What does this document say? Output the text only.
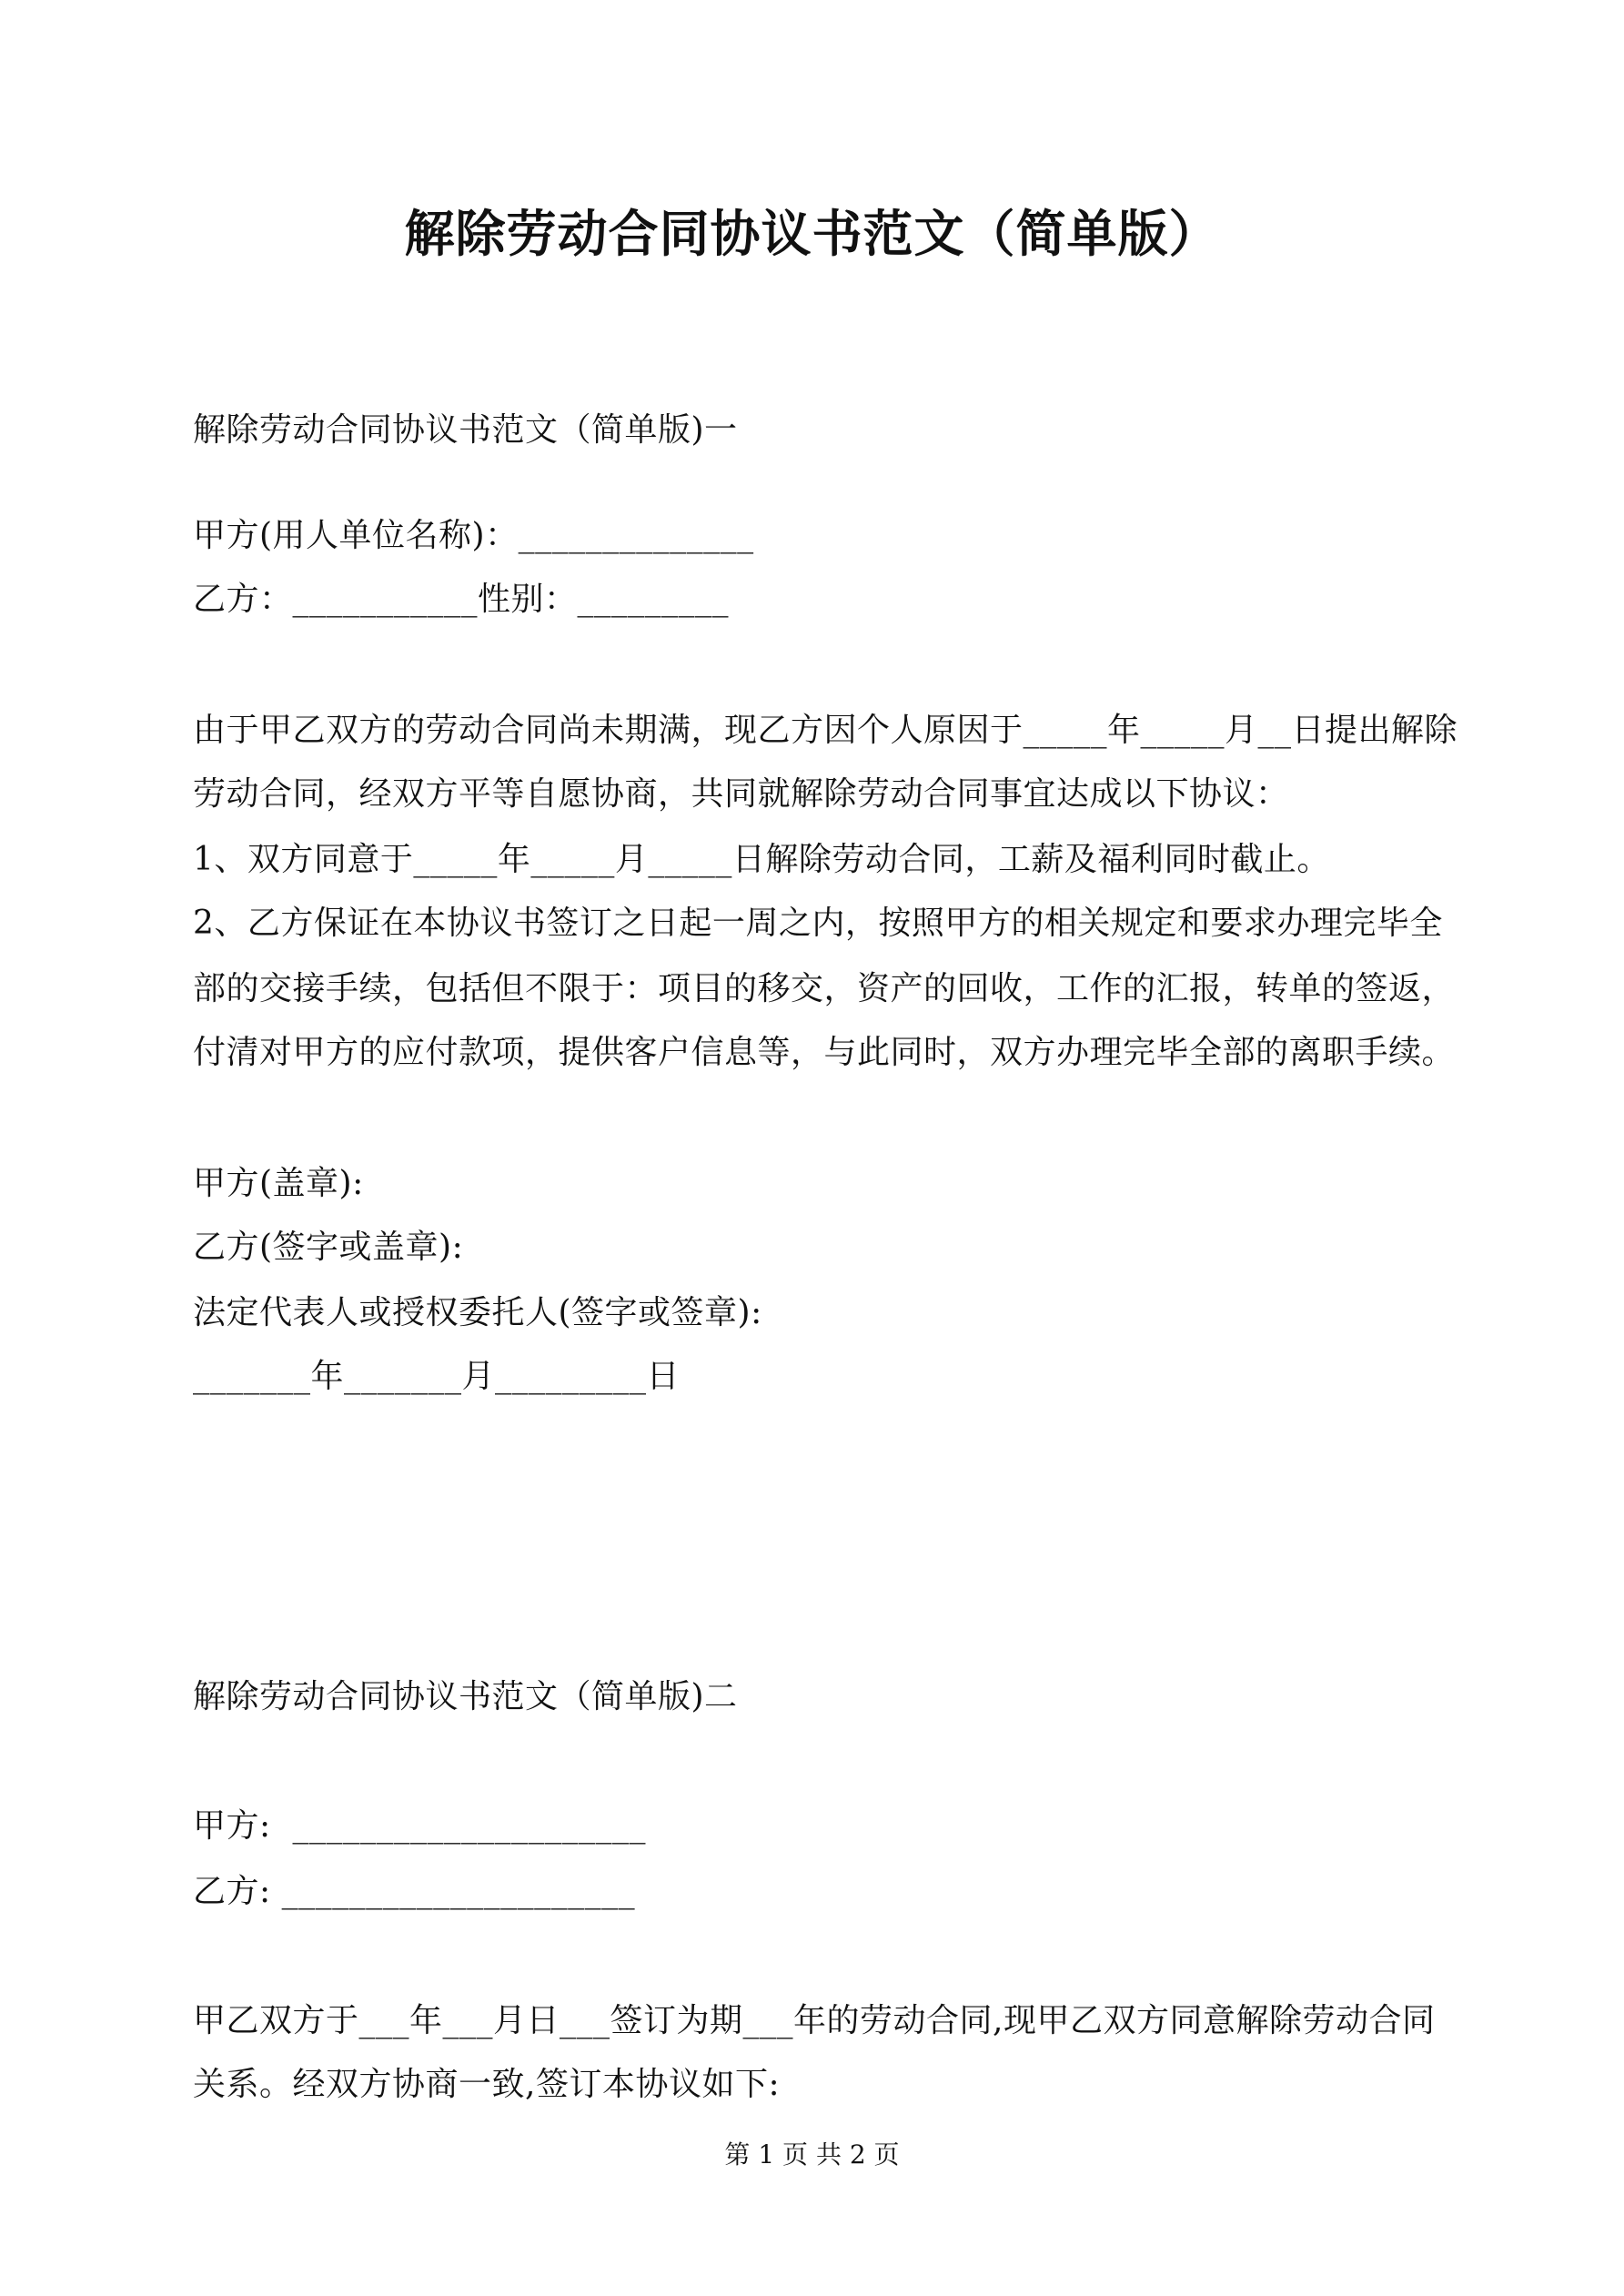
解除劳动合同协议书范文（简单版）
解除劳动合同协议书范文（简单版)一
甲方(用人单位名称)：______________
乙方：___________性别：_________
由于甲乙双方的劳动合同尚未期满，现乙方因个人原因于_____年_____月__日提出解除
劳动合同，经双方平等自愿协商，共同就解除劳动合同事宜达成以下协议：
1、双方同意于_____年_____月_____日解除劳动合同，工薪及福利同时截止。
2、乙方保证在本协议书签订之日起一周之内，按照甲方的相关规定和要求办理完毕全
部的交接手续，包括但不限于：项目的移交，资产的回收，工作的汇报，转单的签返，
付清对甲方的应付款项，提供客户信息等，与此同时，双方办理完毕全部的离职手续。
甲方(盖章):
乙方(签字或盖章):
法定代表人或授权委托人(签字或签章):
_______年_______月_________日
解除劳动合同协议书范文（简单版)二
甲方:  _____________________
乙方: _____________________
甲乙双方于___年___月日___签订为期___年的劳动合同,现甲乙双方同意解除劳动合同
关系。经双方协商一致,签订本协议如下:
第 1 页 共 2 页
